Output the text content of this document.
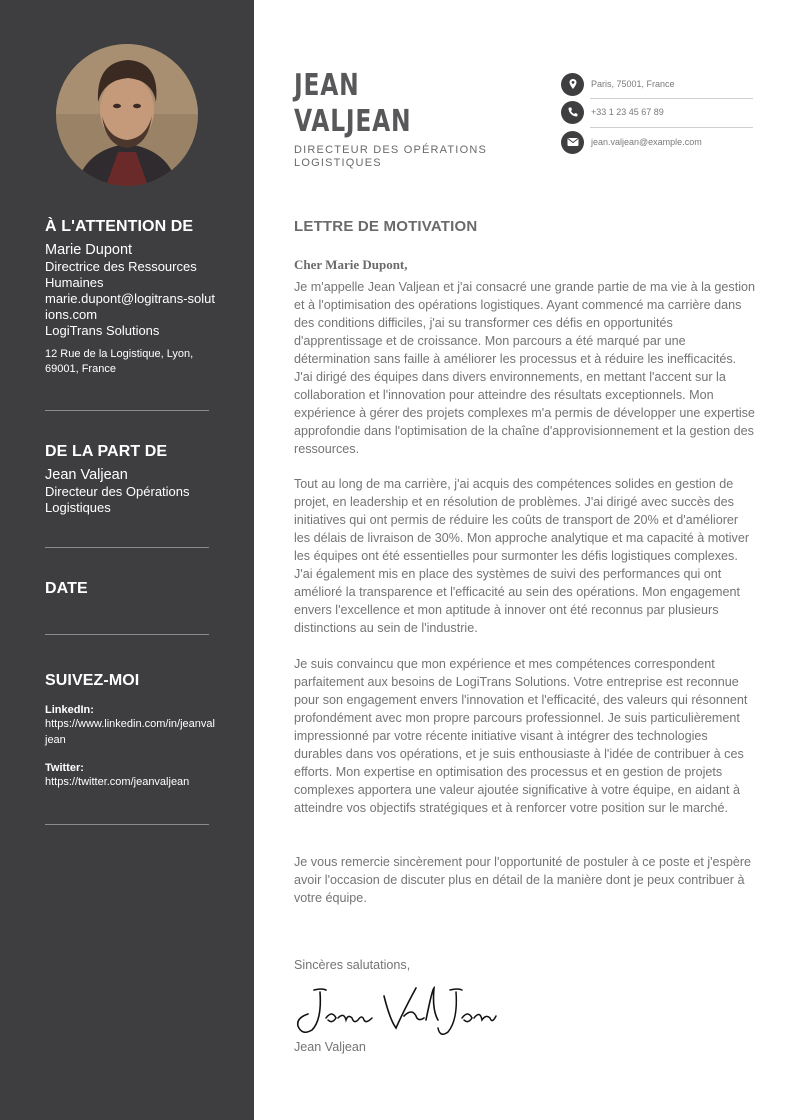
À L'ATTENTION DE
Marie Dupont
Directrice des Ressources Humaines
marie.dupont@logitrans-solutions.com
LogiTrans Solutions
12 Rue de la Logistique, Lyon, 69001, France
DE LA PART DE
Jean Valjean
Directeur des Opérations Logistiques
DATE
SUIVEZ-MOI
LinkedIn:
https://www.linkedin.com/in/jeanvaljean
Twitter:
https://twitter.com/jeanvaljean
JEAN
VALJEAN
DIRECTEUR DES OPÉRATIONS
LOGISTIQUES
Paris, 75001, France
+33 1 23 45 67 89
jean.valjean@example.com
LETTRE DE MOTIVATION
Cher Marie Dupont,

Je m'appelle Jean Valjean et j'ai consacré une grande partie de ma vie à la gestion et à l'optimisation des opérations logistiques. Ayant commencé ma carrière dans des conditions difficiles, j'ai su transformer ces défis en opportunités d'apprentissage et de croissance. Mon parcours a été marqué par une détermination sans faille à améliorer les processus et à réduire les inefficacités. J'ai dirigé des équipes dans divers environnements, en mettant l'accent sur la collaboration et l'innovation pour atteindre des résultats exceptionnels. Mon expérience à gérer des projets complexes m'a permis de développer une expertise approfondie dans l'optimisation de la chaîne d'approvisionnement et la gestion des ressources.

Tout au long de ma carrière, j'ai acquis des compétences solides en gestion de projet, en leadership et en résolution de problèmes. J'ai dirigé avec succès des initiatives qui ont permis de réduire les coûts de transport de 20% et d'améliorer les délais de livraison de 30%. Mon approche analytique et ma capacité à motiver les équipes ont été essentielles pour surmonter les défis logistiques complexes. J'ai également mis en place des systèmes de suivi des performances qui ont amélioré la transparence et l'efficacité au sein des opérations. Mon engagement envers l'excellence et mon aptitude à innover ont été reconnus par plusieurs distinctions au sein de l'industrie.

Je suis convaincu que mon expérience et mes compétences correspondent parfaitement aux besoins de LogiTrans Solutions. Votre entreprise est reconnue pour son engagement envers l'innovation et l'efficacité, des valeurs qui résonnent profondément avec mon propre parcours professionnel. Je suis particulièrement impressionné par votre récente initiative visant à intégrer des technologies durables dans vos opérations, et je suis enthousiaste à l'idée de contribuer à ces efforts. Mon expertise en optimisation des processus et en gestion de projets complexes apportera une valeur ajoutée significative à votre équipe, en aidant à atteindre vos objectifs stratégiques et à renforcer votre position sur le marché.

Je vous remercie sincèrement pour l'opportunité de postuler à ce poste et j'espère avoir l'occasion de discuter plus en détail de la manière dont je peux contribuer à votre équipe.

Sincères salutations,
Jean Valjean
